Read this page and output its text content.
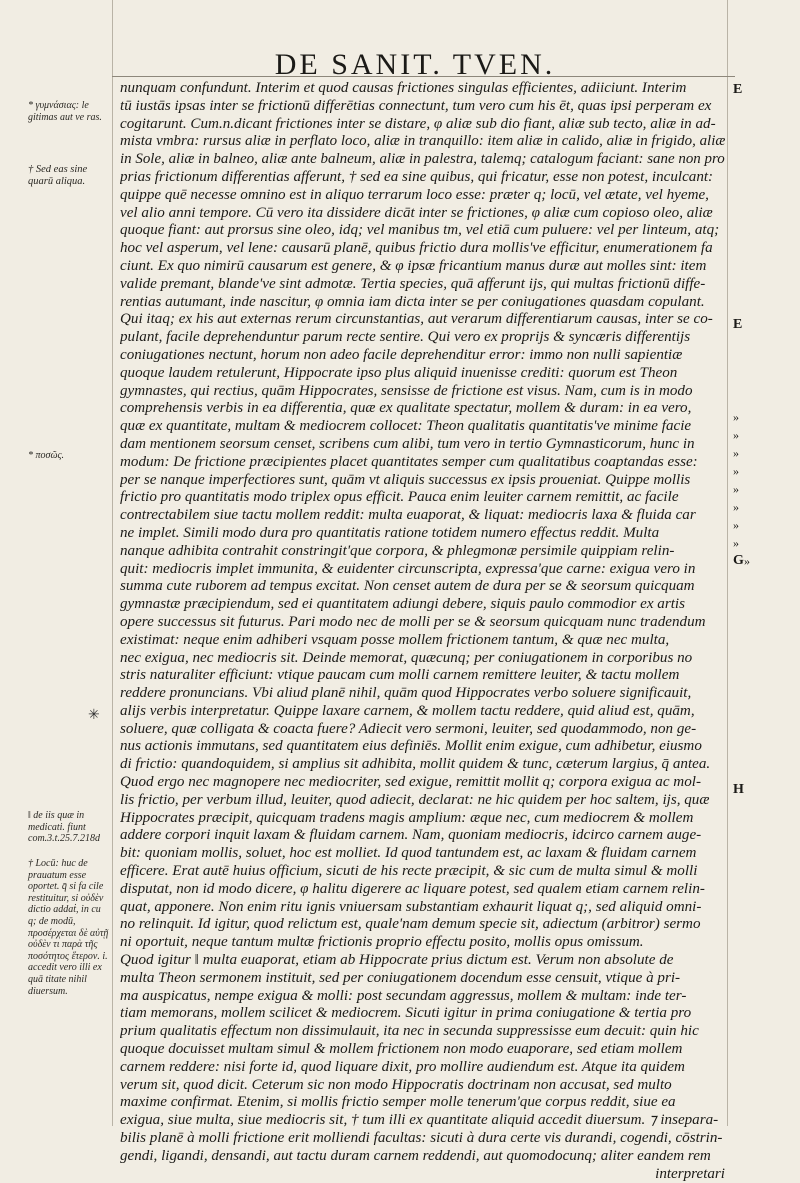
DE SANIT. TVEN.
nunquam confundunt. Interim et quod causas frictiones singulas efficientes, adiiciunt. Interim
tū iustās ipsas inter se frictionū differētias connectunt, tum vero cum his ēt, quas ipsi perperam ex
cogitarunt. Cum.n.dicant frictiones inter se distare, φ aliæ sub dio fiant, aliæ sub tecto, aliæ in ad-
mista vmbra: rursus aliæ in perflato loco, aliæ in tranquillo: item aliæ in calido, aliæ in frigido, aliæ
in Sole, aliæ in balneo, aliæ ante balneum, aliæ in palestra, talemq; catalogum faciant: sane non pro
prias frictionum differentias afferunt, † sed ea sine quibus, qui fricatur, esse non potest, inculcant:
quippe quē necesse omnino est in aliquo terrarum loco esse: præter q; locū, vel ætate, vel hyeme,
vel alio anni tempore. Cū vero ita dissidere dicāt inter se frictiones, φ aliæ cum copioso oleo, aliæ
quoque fiant: aut prorsus sine oleo, idq; vel manibus tm, vel etiā cum puluere: vel per linteum, atq;
hoc vel asperum, vel lene: causarū planē, quibus frictio dura mollis've efficitur, enumerationem fa
ciunt. Ex quo nimirū causarum est genere, & φ ipsæ fricantium manus duræ aut molles sint: item
valide premant, blande've sint admotæ. Tertia species, quā afferunt ijs, qui multas frictionū diffe-
rentias autumant, inde nascitur, φ omnia iam dicta inter se per coniugationes quasdam copulant.
Qui itaq; ex his aut externas rerum circunstantias, aut verarum differentiarum causas, inter se co-
pulant, facile deprehenduntur parum recte sentire. Qui vero ex proprijs & syncæris differentijs
coniugationes nectunt, horum non adeo facile deprehenditur error: immo non nulli sapientiæ
quoque laudem retulerunt, Hippocrate ipso plus aliquid inuenisse crediti: quorum est Theon
gymnastes, qui rectius, quām Hippocrates, sensisse de frictione est visus. Nam, cum is in modo
comprehensis verbis in ea differentia, quæ ex qualitate spectatur, mollem & duram: in ea vero,
quæ ex quantitate, multam & mediocrem collocet: Theon qualitatis quantitatis've minime facie
dam mentionem seorsum censet, scribens cum alibi, tum vero in tertio Gymnasticorum, hunc in
modum: De frictione præcipientes placet quantitates semper cum qualitatibus coaptandas esse:
per se nanque imperfectiores sunt, quām vt aliquis successus ex ipsis proueniat. Quippe mollis
frictio pro quantitatis modo triplex opus efficit. Pauca enim leuiter carnem remittit, ac facile
contrectabilem siue tactu mollem reddit: multa euaporat, & liquat: mediocris laxa & fluida car
ne implet. Simili modo dura pro quantitatis ratione totidem numero effectus reddit. Multa
nanque adhibita contrahit constringit'que corpora, & phlegmonæ persimile quippiam relin-
quit: mediocris implet immunita, & euidenter circunscripta, expressa'que carne: exigua vero in
summa cute ruborem ad tempus excitat. Non censet autem de dura per se & seorsum quicquam
gymnastæ præcipiendum, sed ei quantitatem adiungi debere, siquis paulo commodior ex artis
opere successus sit futurus. Pari modo nec de molli per se & seorsum quicquam nunc tradendum
existimat: neque enim adhiberi vsquam posse mollem frictionem tantum, & quæ nec multa,
nec exigua, nec mediocris sit. Deinde memorat, quæcunq; per coniugationem in corporibus no
stris naturaliter efficiunt: vtique paucam cum molli carnem remittere leuiter, & tactu mollem
reddere pronuncians. Vbi aliud planē nihil, quām quod Hippocrates verbo soluere significauit,
alijs verbis interpretatur. Quippe laxare carnem, & mollem tactu reddere, quid aliud est, quām,
soluere, quæ colligata & coacta fuere? Adiecit vero sermoni, leuiter, sed quodammodo, non ge-
nus actionis immutans, sed quantitatem eius definiēs. Mollit enim exigue, cum adhibetur, eiusmo
di frictio: quandoquidem, si amplius sit adhibita, mollit quidem & tunc, cæterum largius, q̄ antea.
Quod ergo nec magnopere nec mediocriter, sed exigue, remittit mollit q; corpora exigua ac mol-
lis frictio, per verbum illud, leuiter, quod adiecit, declarat: ne hic quidem per hoc saltem, ijs, quæ
Hippocrates præcipit, quicquam tradens magis amplium: æque nec, cum mediocrem & mollem
addere corpori inquit laxam & fluidam carnem. Nam, quoniam mediocris, idcirco carnem auge-
bit: quoniam mollis, soluet, hoc est molliet. Id quod tantundem est, ac laxam & fluidam carnem
efficere. Erat autē huius officium, sicuti de his recte præcipit, & sic cum de multa simul & molli
disputat, non id modo dicere, φ halitu digerere ac liquare potest, sed qualem etiam carnem relin-
quat, apponere. Non enim ritu ignis vniuersam substantiam exhaurit liquat q;, sed aliquid omni-
no relinquit. Id igitur, quod relictum est, quale'nam demum specie sit, adiectum (arbitror) sermo
ni oportuit, neque tantum multæ frictionis proprio effectu posito, mollis opus omissum.
Quod igitur ‖ multa euaporat, etiam ab Hippocrate prius dictum est. Verum non absolute de
multa Theon sermonem instituit, sed per coniugationem docendum esse censuit, vtique à pri-
ma auspicatus, nempe exigua & molli: post secundam aggressus, mollem & multam: inde ter-
tiam memorans, mollem scilicet & mediocrem. Sicuti igitur in prima coniugatione & tertia pro
prium qualitatis effectum non dissimulauit, ita nec in secunda suppressisse eum decuit: quin hic
quoque docuisset multam simul & mollem frictionem non modo euaporare, sed etiam mollem
carnem reddere: nisi forte id, quod liquare dixit, pro mollire audiendum est. Atque ita quidem
verum sit, quod dicit. Ceterum sic non modo Hippocratis doctrinam non accusat, sed multo
maxime confirmat. Etenim, si mollis frictio semper molle tenerum'que corpus reddit, siue ea
exigua, siue multa, siue mediocris sit, † tum illi ex quantitate aliquid accedit diuersum. ⁊ insepara-
bilis planē à molli frictione erit molliendi facultas: sicuti à dura certe vis durandi, cogendi, cōstrin-
gendi, ligandi, densandi, aut tactu duram carnem reddendi, aut quomodocunq; aliter eandem rem
interpretari
* γυμνάσιας: le gitimas aut ve ras.
† Sed eas sine quarū aliqua.
* ποσῶς.
‖ de iis quæ in medicati. fiunt com.3.t.25.7.218d
† Locū: huc de prauatum esse oportet. q̄ si fa cile restituitur, si οὐδὲν dictio addaṫ, in cu q; de modū, προσέρχεται δὲ αὐτῇ οὐδὲν τι παρὰ τῆς ποσότητος ἕτερον. i. accedit vero illi ex quā titate nihil diuersum.
✳
E
E
G
H
»
»
»
»
»
»
»
»
»
